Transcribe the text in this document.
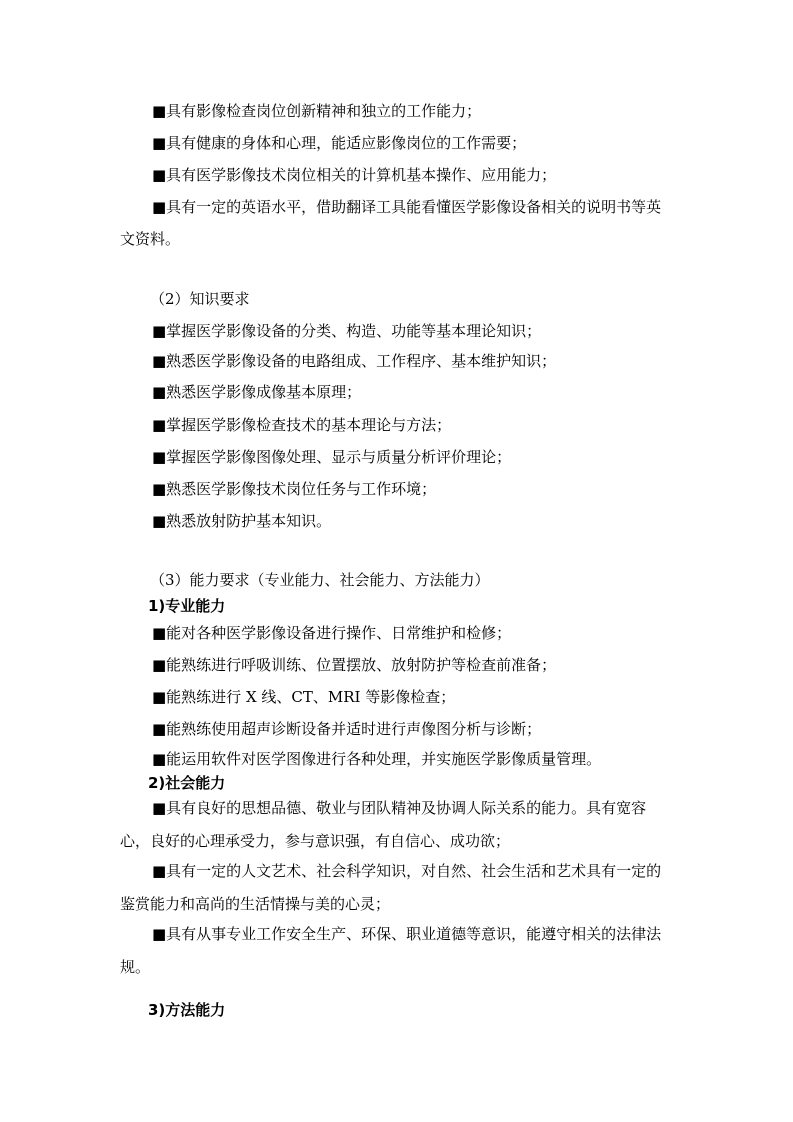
■具有影像检查岗位创新精神和独立的工作能力；
■具有健康的身体和心理，能适应影像岗位的工作需要；
■具有医学影像技术岗位相关的计算机基本操作、应用能力；
■具有一定的英语水平，借助翻译工具能看懂医学影像设备相关的说明书等英
文资料。
（2）知识要求
■掌握医学影像设备的分类、构造、功能等基本理论知识；
■熟悉医学影像设备的电路组成、工作程序、基本维护知识；
■熟悉医学影像成像基本原理；
■掌握医学影像检查技术的基本理论与方法；
■掌握医学影像图像处理、显示与质量分析评价理论；
■熟悉医学影像技术岗位任务与工作环境；
■熟悉放射防护基本知识。
（3）能力要求（专业能力、社会能力、方法能力）
1)专业能力
■能对各种医学影像设备进行操作、日常维护和检修；
■能熟练进行呼吸训练、位置摆放、放射防护等检查前准备；
■能熟练进行 X 线、CT、MRI 等影像检查；
■能熟练使用超声诊断设备并适时进行声像图分析与诊断；
■能运用软件对医学图像进行各种处理，并实施医学影像质量管理。
2)社会能力
■具有良好的思想品德、敬业与团队精神及协调人际关系的能力。具有宽容心，良好的心理承受力，参与意识强，有自信心、成功欲；
■具有一定的人文艺术、社会科学知识，对自然、社会生活和艺术具有一定的鉴赏能力和高尚的生活情操与美的心灵；
■具有从事专业工作安全生产、环保、职业道德等意识，能遵守相关的法律法规。
3)方法能力
